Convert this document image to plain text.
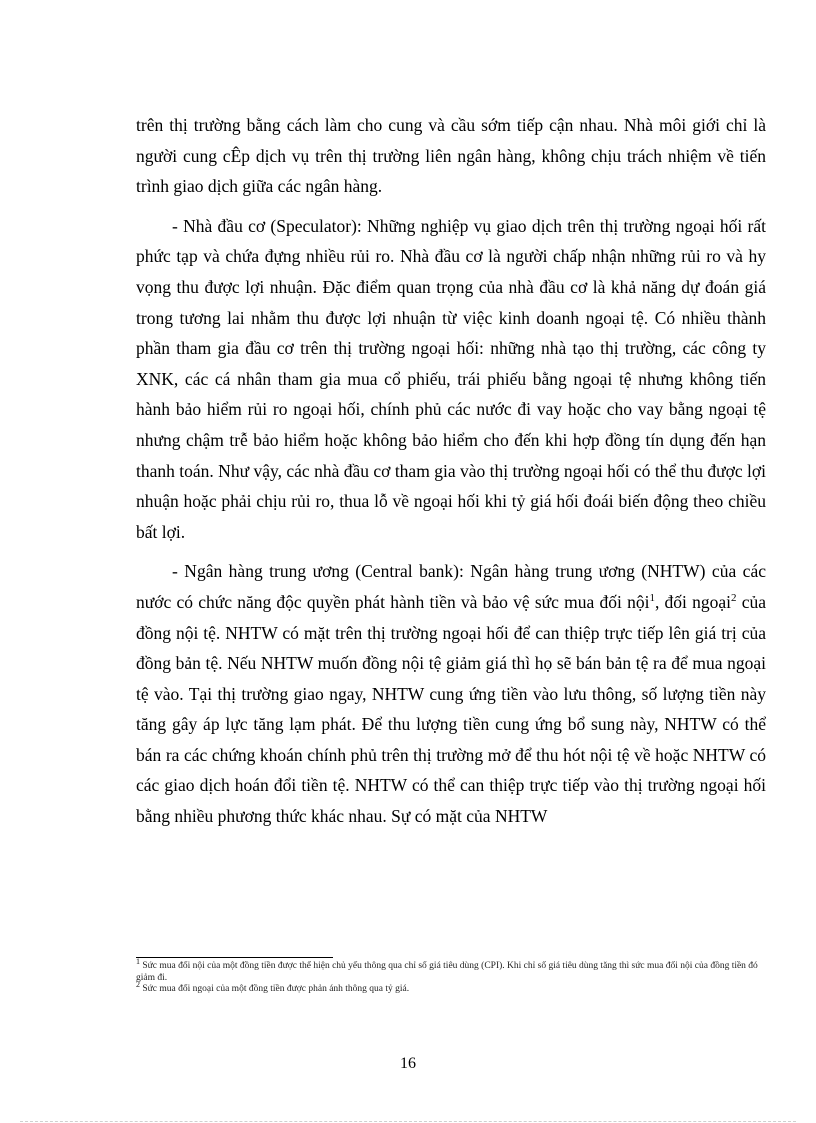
trên thị trường bằng cách làm cho cung và cầu sớm tiếp cận nhau. Nhà môi giới chỉ là người cung cÊp dịch vụ trên thị trường liên ngân hàng, không chịu trách nhiệm về tiến trình giao dịch giữa các ngân hàng.

- Nhà đầu cơ (Speculator): Những nghiệp vụ giao dịch trên thị trường ngoại hối rất phức tạp và chứa đựng nhiều rủi ro. Nhà đầu cơ là người chấp nhận những rủi ro và hy vọng thu được lợi nhuận. Đặc điểm quan trọng của nhà đầu cơ là khả năng dự đoán giá trong tương lai nhằm thu được lợi nhuận từ việc kinh doanh ngoại tệ. Có nhiều thành phần tham gia đầu cơ trên thị trường ngoại hối: những nhà tạo thị trường, các công ty XNK, các cá nhân tham gia mua cổ phiếu, trái phiếu bằng ngoại tệ nhưng không tiến hành bảo hiểm rủi ro ngoại hối, chính phủ các nước đi vay hoặc cho vay bằng ngoại tệ nhưng chậm trễ bảo hiểm hoặc không bảo hiểm cho đến khi hợp đồng tín dụng đến hạn thanh toán. Như vậy, các nhà đầu cơ tham gia vào thị trường ngoại hối có thể thu được lợi nhuận hoặc phải chịu rủi ro, thua lỗ về ngoại hối khi tỷ giá hối đoái biến động theo chiều bất lợi.

- Ngân hàng trung ương (Central bank): Ngân hàng trung ương (NHTW) của các nước có chức năng độc quyền phát hành tiền và bảo vệ sức mua đối nội$^1$, đối ngoại$^2$ của đồng nội tệ. NHTW có mặt trên thị trường ngoại hối để can thiệp trực tiếp lên giá trị của đồng bản tệ. Nếu NHTW muốn đồng nội tệ giảm giá thì họ sẽ bán bản tệ ra để mua ngoại tệ vào. Tại thị trường giao ngay, NHTW cung ứng tiền vào lưu thông, số lượng tiền này tăng gây áp lực tăng lạm phát. Để thu lượng tiền cung ứng bổ sung này, NHTW có thể bán ra các chứng khoán chính phủ trên thị trường mở để thu hót nội tệ về hoặc NHTW có các giao dịch hoán đổi tiền tệ. NHTW có thể can thiệp trực tiếp vào thị trường ngoại hối bằng nhiều phương thức khác nhau. Sự có mặt của NHTW

$^1$ Sức mua đối nội của một đồng tiền được thể hiện chủ yếu thông qua chỉ số giá tiêu dùng (CPI). Khi chỉ số giá tiêu dùng tăng thì sức mua đối nội của đồng tiền đó giảm đi.

$^2$ Sức mua đối ngoại của một đồng tiền được phản ánh thông qua tỷ giá.

16
